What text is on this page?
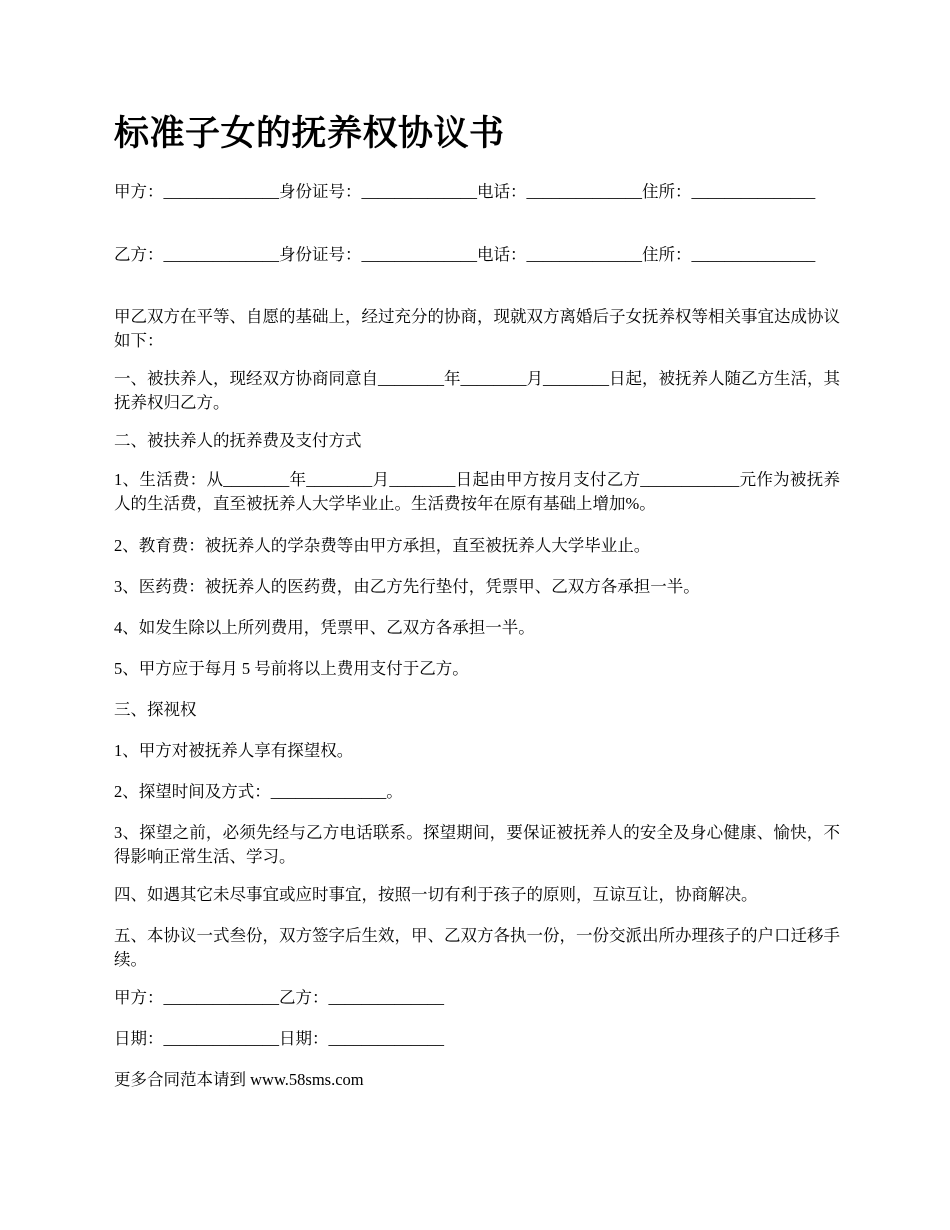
标准子女的抚养权协议书

甲方：______________身份证号：______________电话：______________住所：_______________

乙方：______________身份证号：______________电话：______________住所：_______________

甲乙双方在平等、自愿的基础上，经过充分的协商，现就双方离婚后子女抚养权等相关事宜达成协议如下：

一、被扶养人，现经双方协商同意自________年________月________日起，被抚养人随乙方生活，其抚养权归乙方。

二、被扶养人的抚养费及支付方式

1、生活费：从________年________月________日起由甲方按月支付乙方____________元作为被抚养人的生活费，直至被抚养人大学毕业止。生活费按年在原有基础上增加%。

2、教育费：被抚养人的学杂费等由甲方承担，直至被抚养人大学毕业止。

3、医药费：被抚养人的医药费，由乙方先行垫付，凭票甲、乙双方各承担一半。

4、如发生除以上所列费用，凭票甲、乙双方各承担一半。

5、甲方应于每月 5 号前将以上费用支付于乙方。

三、探视权

1、甲方对被抚养人享有探望权。

2、探望时间及方式：______________。

3、探望之前，必须先经与乙方电话联系。探望期间，要保证被抚养人的安全及身心健康、愉快，不得影响正常生活、学习。

四、如遇其它未尽事宜或应时事宜，按照一切有利于孩子的原则，互谅互让，协商解决。

五、本协议一式叁份，双方签字后生效，甲、乙双方各执一份，一份交派出所办理孩子的户口迁移手续。

甲方：______________乙方：______________

日期：______________日期：______________

更多合同范本请到 www.58sms.com
